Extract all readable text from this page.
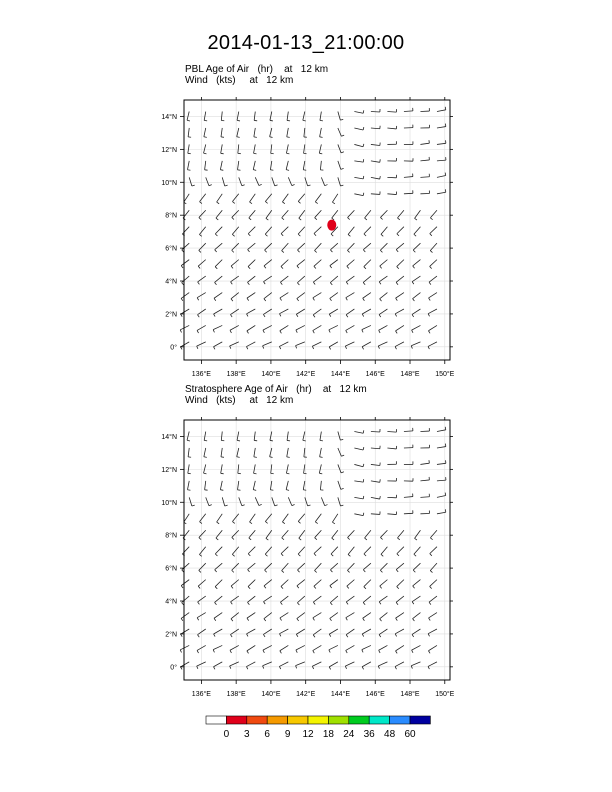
2014-01-13_21:00:00
PBL Age of Air   (hr)    at   12 km
Wind   (kts)     at   12 km
Stratosphere Age of Air   (hr)    at   12 km
Wind   (kts)     at   12 km
136°E 138°E 140°E 142°E 144°E 146°E 148°E 150°E
0°
2°N
4°N
6°N
8°N
10°N
12°N
14°N
136°E 138°E 140°E 142°E 144°E 146°E 148°E 150°E
0°
2°N
4°N
6°N
8°N
10°N
12°N
14°N
0 3 6 9 12 18 24 36 48 60
